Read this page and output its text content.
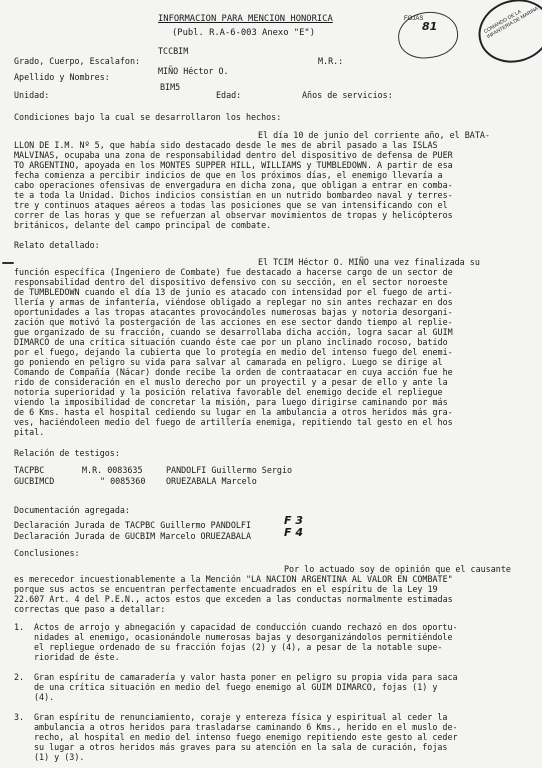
FOJAS
81	COMANDO DE LA INFANTERIA DE MARINA
INFORMACION PARA MENCION HONORICA
(Publ. R.A-6-003 Anexo "E")
Grado, Cuerpo, Escalafon:
TCCBIM
M.R.:
Apellido y Nombres:
MIÑO Héctor O.
Unidad:
BIM5
Edad:	Años de servicios:
Condiciones bajo la cual se desarrollaron los hechos:
El día 10 de junio del corriente año, el BATA-
LLON DE I.M. Nº 5, que había sido destacado desde le mes de abril pasado a las ISLAS
MALVINAS, ocupaba una zona de responsabilidad dentro del dispositivo de defensa de PUER
TO ARGENTINO, apoyada en los MONTES SUPPER HILL, WILLIAMS y TUMBLEDOWN. A partir de esa
fecha comienza a percibir indicios de que en los próximos días, el enemigo llevaría a
cabo operaciones ofensivas de envergadura en dicha zona, que obligan a entrar en comba-
te a toda la Unidad. Dichos indicios consistían en un nutrido bombardeo naval y terres-
tre y continuos ataques aéreos a todas las posiciones que se van intensificando con el
correr de las horas y que se refuerzan al observar movimientos de tropas y helicópteros
británicos, delante del campo principal de combate.
Relato detallado:
El TCIM Héctor O. MIÑO una vez finalizada su
función específica (Ingeniero de Combate) fue destacado a hacerse cargo de un sector de
responsabilidad dentro del dispositivo defensivo con su sección, en el sector noroeste
de TUMBLEDOWN cuando el día 13 de junio es atacado con intensidad por el fuego de arti-
llería y armas de infantería, viéndose obligado a replegar no sin antes rechazar en dos
oportunidades a las tropas atacantes provocándoles numerosas bajas y notoria desorgani-
zación que motivó la postergación de las acciones en ese sector dando tiempo al replie-
gue organizado de su fracción, cuando se desarrollaba dicha acción, logra sacar al GUIM
DIMARCO de una crítica situación cuando éste cae por un plano inclinado rocoso, batido
por el fuego, dejando la cubierta que lo protegía en medio del intenso fuego del enemi-
go poniendo en peligro su vida para salvar al camarada en peligro. Luego se dirige al
Comando de Compañía (Nácar) donde recibe la orden de contraatacar en cuya acción fue he
rido de consideración en el muslo derecho por un proyectil y a pesar de ello y ante la
notoria superioridad y la posición relativa favorable del enemigo decide el repliegue
viendo la imposibilidad de concretar la misión, para luego dirigirse caminando por más
de 6 Kms. hasta el hospital cediendo su lugar en la ambulancia a otros heridos más gra-
ves, haciéndoleen medio del fuego de artillería enemiga, repitiendo tal gesto en el hos
pital.
Relación de testigos:
TACPBC	M.R. 0083635	PANDOLFI Guillermo Sergio
GUCBIMCD	" 0085360 ORUEZABALA Marcelo
Documentación agregada:
Declaración Jurada de TACPBC Guillermo PANDOLFI	F 3
Declaración Jurada de GUCBIM Marcelo ORUEZABALA	F 4
Conclusiones:
Por lo actuado soy de opinión que el causante
es merecedor incuestionablemente a la Mención "LA NACION ARGENTINA AL VALOR EN COMBATE"
porque sus actos se encuentran perfectamente encuadrados en el espíritu de la Ley 19
22.607 Art. 4 del P.E.N., actos estos que exceden a las conductas normalmente estimadas
correctas que paso a detallar:
1. Actos de arrojo y abnegación y capacidad de conducción cuando rechazó en dos oportu-
nidades al enemigo, ocasionándole numerosas bajas y desorganizándolos permitiéndole
el repliegue ordenado de su fracción fojas (2) y (4), a pesar de la notable supe-
rioridad de éste.
2. Gran espíritu de camaradería y valor hasta poner en peligro su propia vida para saca
de una crítica situación en medio del fuego enemigo al GUIM DIMARCO, fojas (1) y
(4).
3. Gran espíritu de renunciamiento, coraje y entereza física y espiritual al ceder la
ambulancia a otros heridos para trasladarse caminando 6 Kms., herido en el muslo de-
recho, al hospital en medio del intenso fuego enemigo repitiendo este gesto al ceder
su lugar a otros heridos más graves para su atención en la sala de curación, fojas
(1) y (3).
